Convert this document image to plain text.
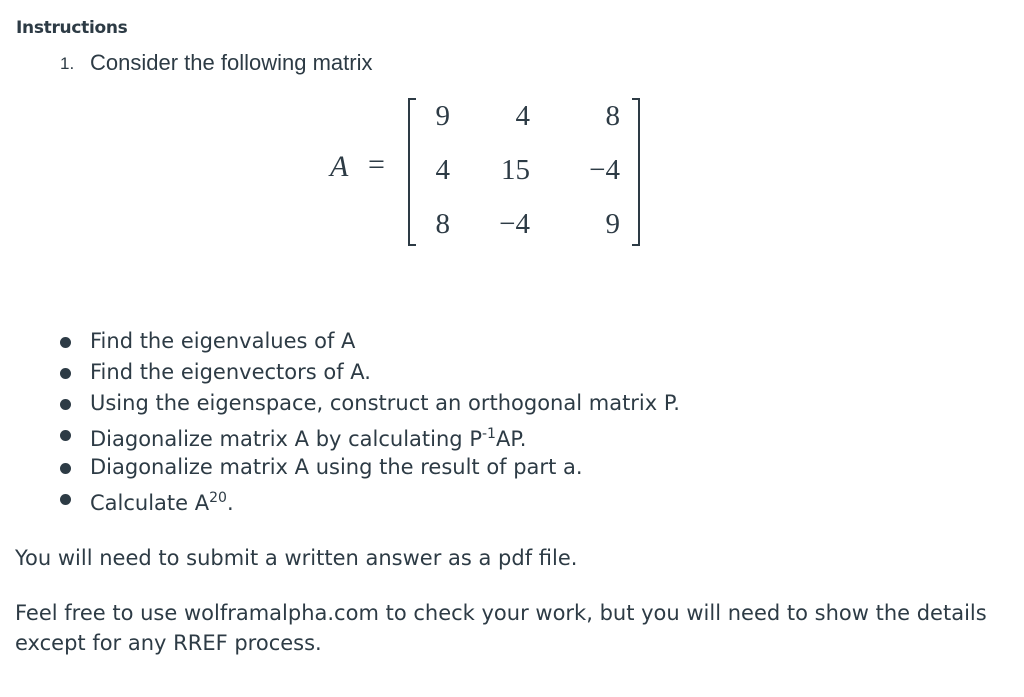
Instructions
1. Consider the following matrix
A =
9	4	8
4	15	−4
8	−4	9
Find the eigenvalues of A
Find the eigenvectors of A.
Using the eigenspace, construct an orthogonal matrix P.
Diagonalize matrix A by calculating $P^{-1}AP$.
Diagonalize matrix A using the result of part a.
Calculate $A^{20}$.

You will need to submit a written answer as a pdf file.

Feel free to use wolframalpha.com to check your work, but you will need to show the details except for any RREF process.
